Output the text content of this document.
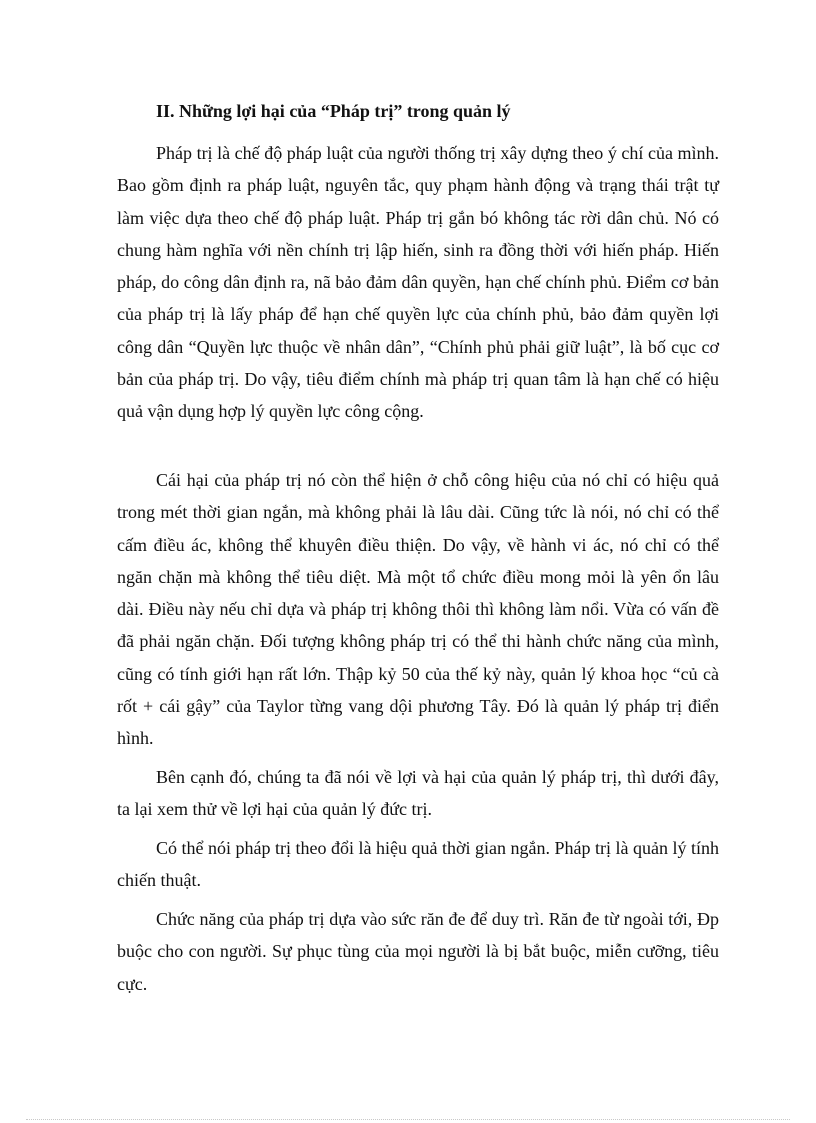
II. Những lợi hại của “Pháp trị” trong quản lý

Pháp trị là chế độ pháp luật của người thống trị xây dựng theo ý chí của mình. Bao gồm định ra pháp luật, nguyên tắc, quy phạm hành động và trạng thái trật tự làm việc dựa theo chế độ pháp luật. Pháp trị gắn bó không tác rời dân chủ. Nó có chung hàm nghĩa với nền chính trị lập hiến, sinh ra đồng thời với hiến pháp. Hiến pháp, do công dân định ra, nã bảo đảm dân quyền, hạn chế chính phủ. Điểm cơ bản của pháp trị là lấy pháp để hạn chế quyền lực của chính phủ, bảo đảm quyền lợi công dân “Quyền lực thuộc về nhân dân”, “Chính phủ phải giữ luật”, là bố cục cơ bản của pháp trị. Do vậy, tiêu điểm chính mà pháp trị quan tâm là hạn chế có hiệu quả vận dụng hợp lý quyền lực công cộng.

Cái hại của pháp trị nó còn thể hiện ở chỗ công hiệu của nó chỉ có hiệu quả trong mét thời gian ngắn, mà không phải là lâu dài. Cũng tức là nói, nó chỉ có thể cấm điều ác, không thể khuyên điều thiện. Do vậy, về hành vi ác, nó chỉ có thể ngăn chặn mà không thể tiêu diệt. Mà một tổ chức điều mong mỏi là yên ổn lâu dài. Điều này nếu chỉ dựa và pháp trị không thôi thì không làm nổi. Vừa có vấn đề đã phải ngăn chặn. Đối tượng không pháp trị có thể thi hành chức năng của mình, cũng có tính giới hạn rất lớn. Thập kỷ 50 của thế kỷ này, quản lý khoa học “củ cà rốt + cái gậy” của Taylor từng vang dội phương Tây. Đó là quản lý pháp trị điển hình.

Bên cạnh đó, chúng ta đã nói về lợi và hại của quản lý pháp trị, thì dưới đây, ta lại xem thử về lợi hại của quản lý đức trị.

Có thể nói pháp trị theo đổi là hiệu quả thời gian ngắn. Pháp trị là quản lý tính chiến thuật.

Chức năng của pháp trị dựa vào sức răn đe để duy trì. Răn đe từ ngoài tới, Đp buộc cho con người. Sự phục tùng của mọi người là bị bắt buộc, miễn cưỡng, tiêu cực.
